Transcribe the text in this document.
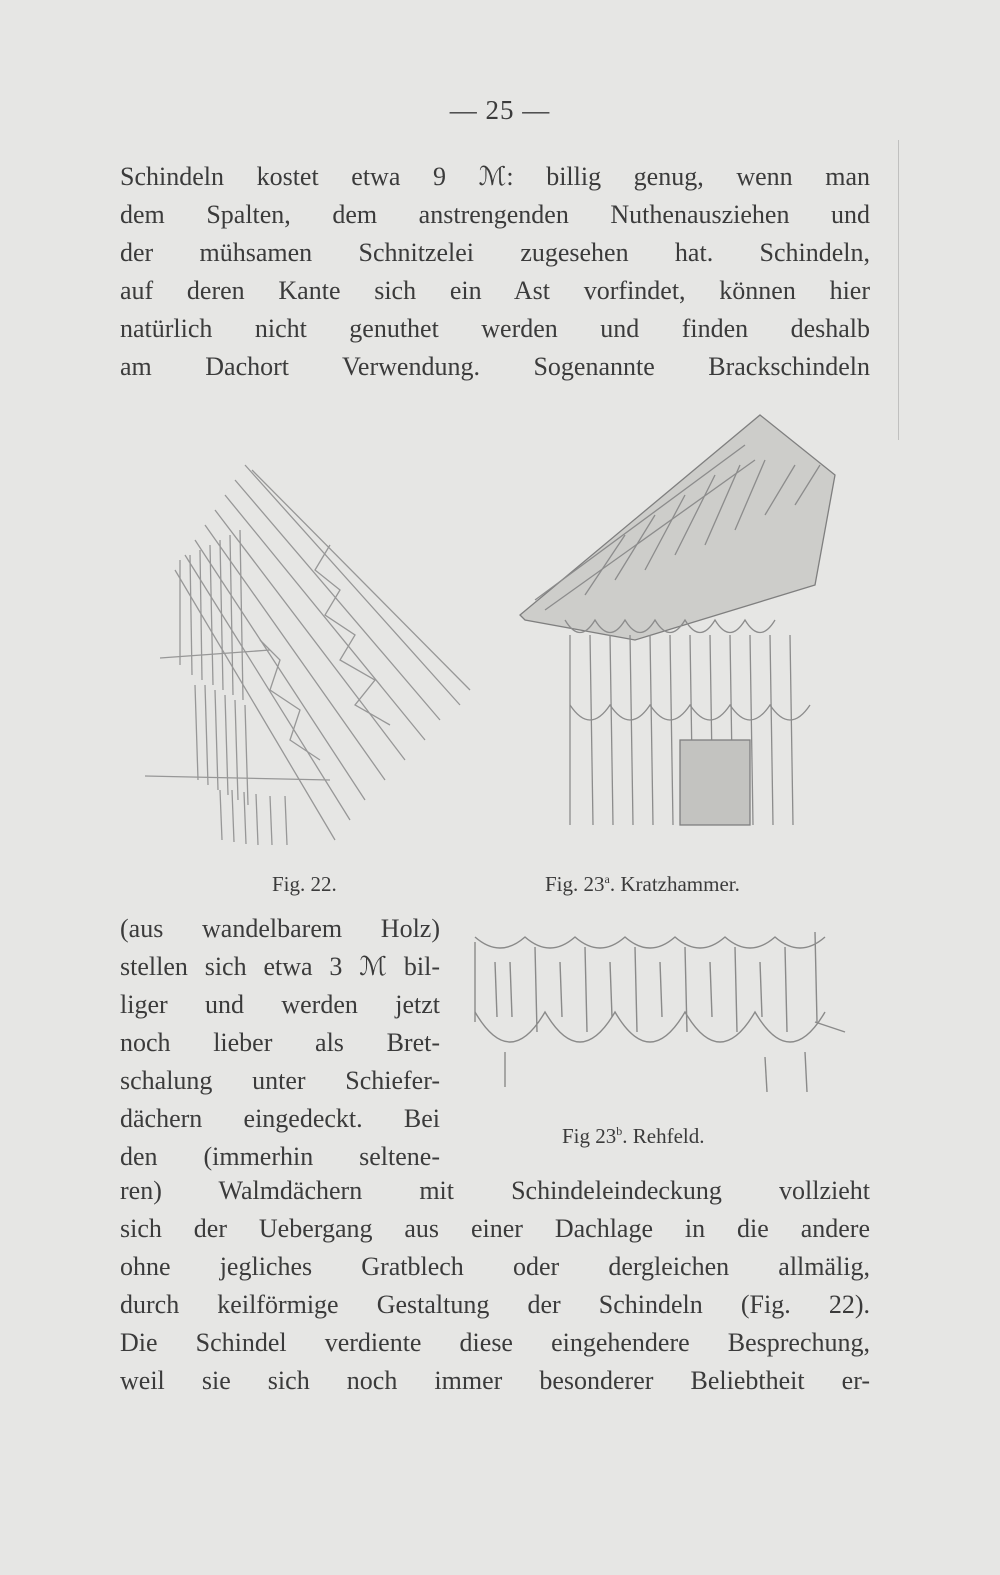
— 25 —
Schindeln kostet etwa 9 ℳ: billig genug, wenn man
dem Spalten, dem anstrengenden Nuthenausziehen und
der mühsamen Schnitzelei zugesehen hat. Schindeln,
auf deren Kante sich ein Ast vorfindet, können hier
natürlich nicht genuthet werden und finden deshalb
am Dachort Verwendung. Sogenannte Brackschindeln
Fig. 22.	Fig. 23$^a$. Kratzhammer.
(aus wandelbarem Holz)
stellen sich etwa 3 ℳ bil-
liger und werden jetzt
noch lieber als Bret-
schalung unter Schiefer-
dächern eingedeckt. Bei
den (immerhin seltene-
Fig 23$^b$. Rehfeld.
ren) Walmdächern mit Schindeleindeckung vollzieht
sich der Uebergang aus einer Dachlage in die andere
ohne jegliches Gratblech oder dergleichen allmälig,
durch keilförmige Gestaltung der Schindeln (Fig. 22).
Die Schindel verdiente diese eingehendere Besprechung,
weil sie sich noch immer besonderer Beliebtheit er-
